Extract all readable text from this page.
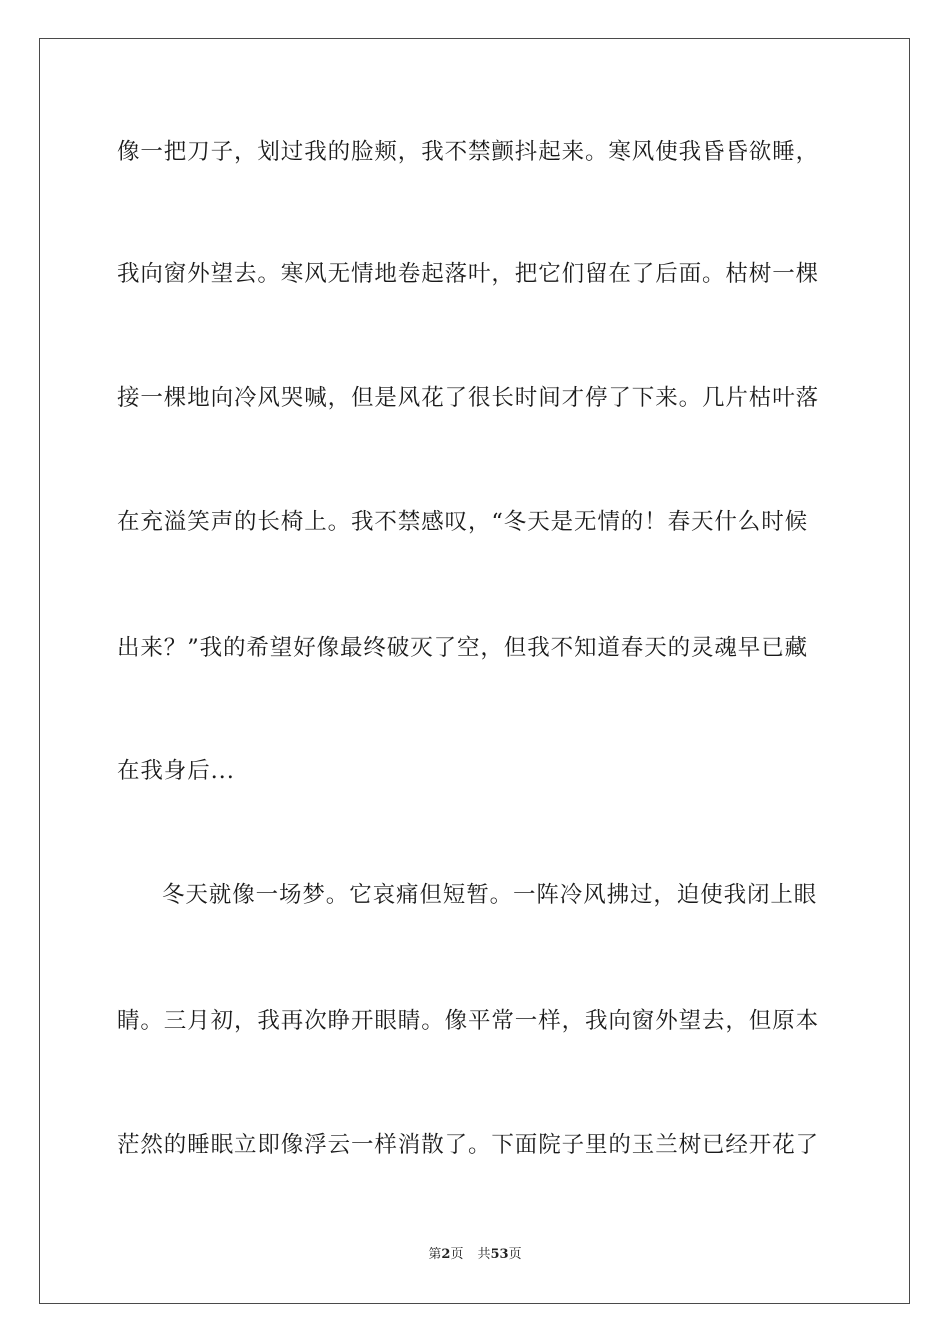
像一把刀子，划过我的脸颊，我不禁颤抖起来。寒风使我昏昏欲睡，
我向窗外望去。寒风无情地卷起落叶，把它们留在了后面。枯树一棵
接一棵地向冷风哭喊，但是风花了很长时间才停了下来。几片枯叶落
在充溢笑声的长椅上。我不禁感叹，“冬天是无情的！春天什么时候
出来？”我的希望好像最终破灭了空，但我不知道春天的灵魂早已藏
在我身后...
冬天就像一场梦。它哀痛但短暂。一阵冷风拂过，迫使我闭上眼
睛。三月初，我再次睁开眼睛。像平常一样，我向窗外望去，但原本
茫然的睡眠立即像浮云一样消散了。下面院子里的玉兰树已经开花了
第2页 共53页
